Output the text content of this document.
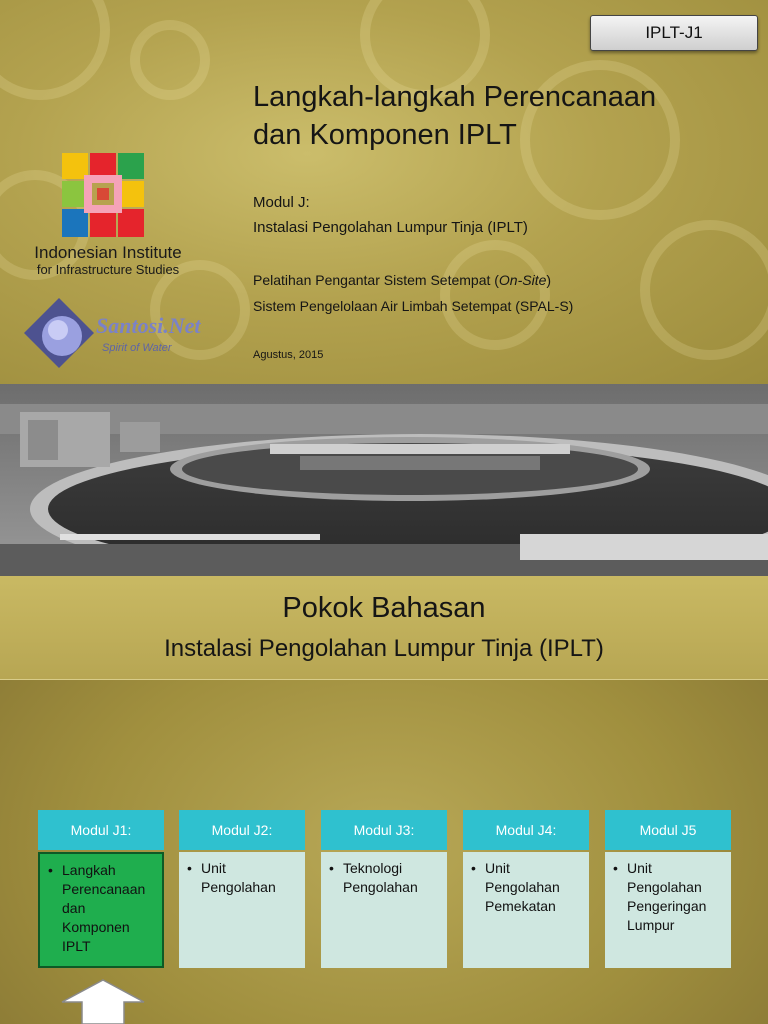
IPLT-J1
Langkah-langkah Perencanaan
dan Komponen IPLT
Modul J:
Instalasi Pengolahan Lumpur Tinja (IPLT)
Pelatihan Pengantar Sistem Setempat (On-Site)
Sistem Pengelolaan Air Limbah Setempat (SPAL-S)
Agustus, 2015
Indonesian Institute
for Infrastructure Studies
Santosi.Net
Spirit of Water
Pokok Bahasan
Instalasi Pengolahan Lumpur Tinja (IPLT)
Modul J1:
• Langkah
Perencanaan
dan
Komponen
IPLT
Modul J2:
• Unit
Pengolahan
Modul J3:
• Teknologi
Pengolahan
Modul J4:
• Unit
Pengolahan
Pemekatan
Modul J5
• Unit
Pengolahan
Pengeringan
Lumpur
